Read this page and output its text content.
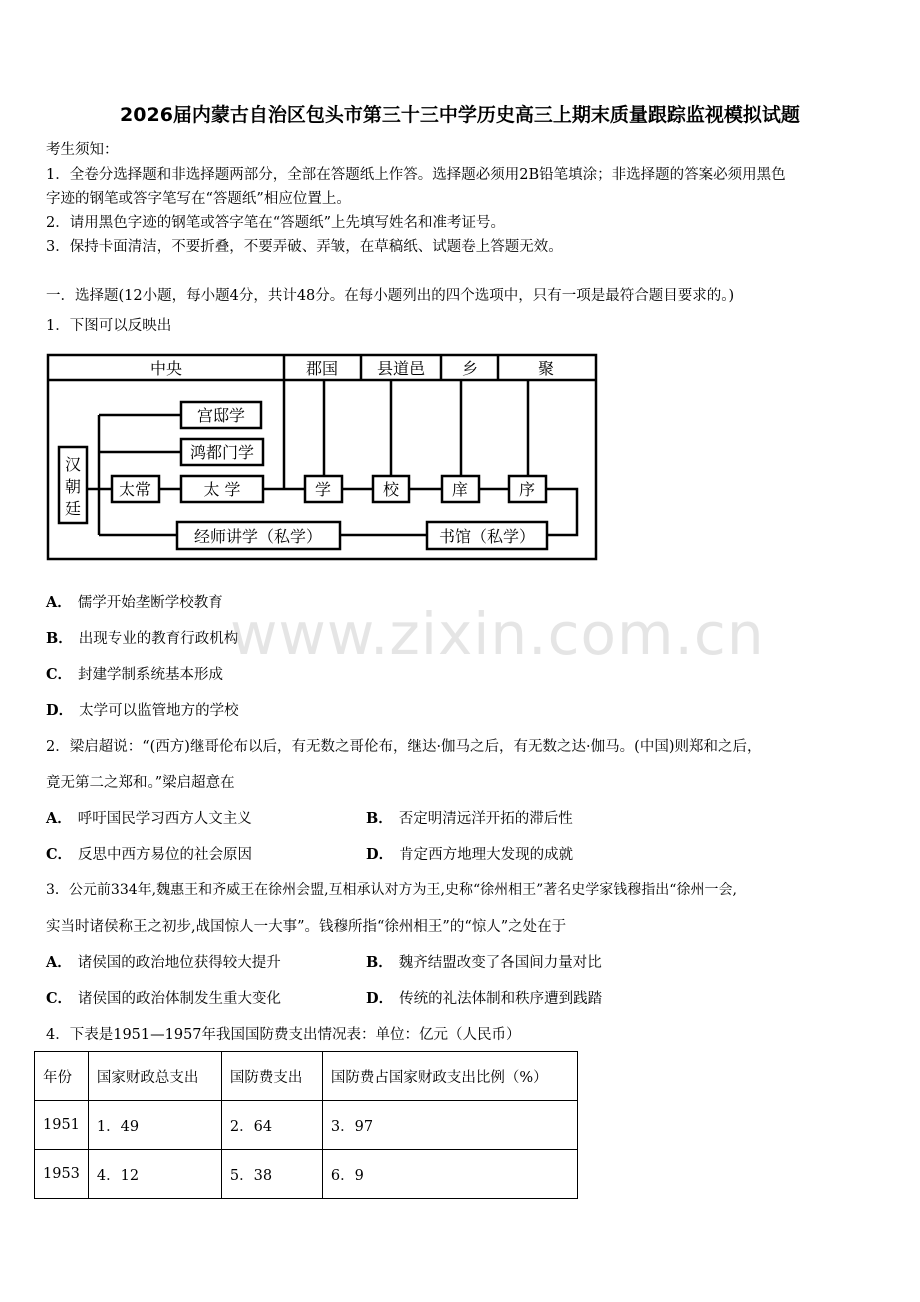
2026届内蒙古自治区包头市第三十三中学历史高三上期末质量跟踪监视模拟试题
考生须知：
1．全卷分选择题和非选择题两部分，全部在答题纸上作答。选择题必须用2B铅笔填涂；非选择题的答案必须用黑色
字迹的钢笔或答字笔写在“答题纸”相应位置上。
2．请用黑色字迹的钢笔或答字笔在“答题纸”上先填写姓名和准考证号。
3．保持卡面清洁，不要折叠，不要弄破、弄皱，在草稿纸、试题卷上答题无效。
一．选择题(12小题，每小题4分，共计48分。在每小题列出的四个选项中，只有一项是最符合题目要求的。)
1．下图可以反映出
中央	郡国 县道邑 乡	聚
宫邸学
鸿都门学
太常	太 学	学	校	庠	序
经师讲学（私学）	书馆（私学）
汉
朝
廷
A． 儒学开始垄断学校教育
B． 出现专业的教育行政机构
C． 封建学制系统基本形成
D． 太学可以监管地方的学校
www.zixin.com.cn
2．梁启超说：“(西方)继哥伦布以后，有无数之哥伦布，继达·伽马之后，有无数之达·伽马。(中国)则郑和之后，
竟无第二之郑和。”梁启超意在
A． 呼吁国民学习西方人文主义	B． 否定明清远洋开拓的滞后性
C． 反思中西方易位的社会原因	D． 肯定西方地理大发现的成就
3．公元前334年,魏惠王和齐威王在徐州会盟,互相承认对方为王,史称“徐州相王”著名史学家钱穆指出“徐州一会,
实当时诸侯称王之初步,战国惊人一大事”。钱穆所指“徐州相王”的“惊人”之处在于
A． 诸侯国的政治地位获得较大提升	B． 魏齐结盟改变了各国间力量对比
C． 诸侯国的政治体制发生重大变化	D． 传统的礼法体制和秩序遭到践踏
4．下表是1951—1957年我国国防费支出情况表：单位：亿元（人民币）
年份	国家财政总支出	国防费支出	国防费占国家财政支出比例（%）
1951	1．49	2．64	3．97
1953	4．12	5．38	6．9
